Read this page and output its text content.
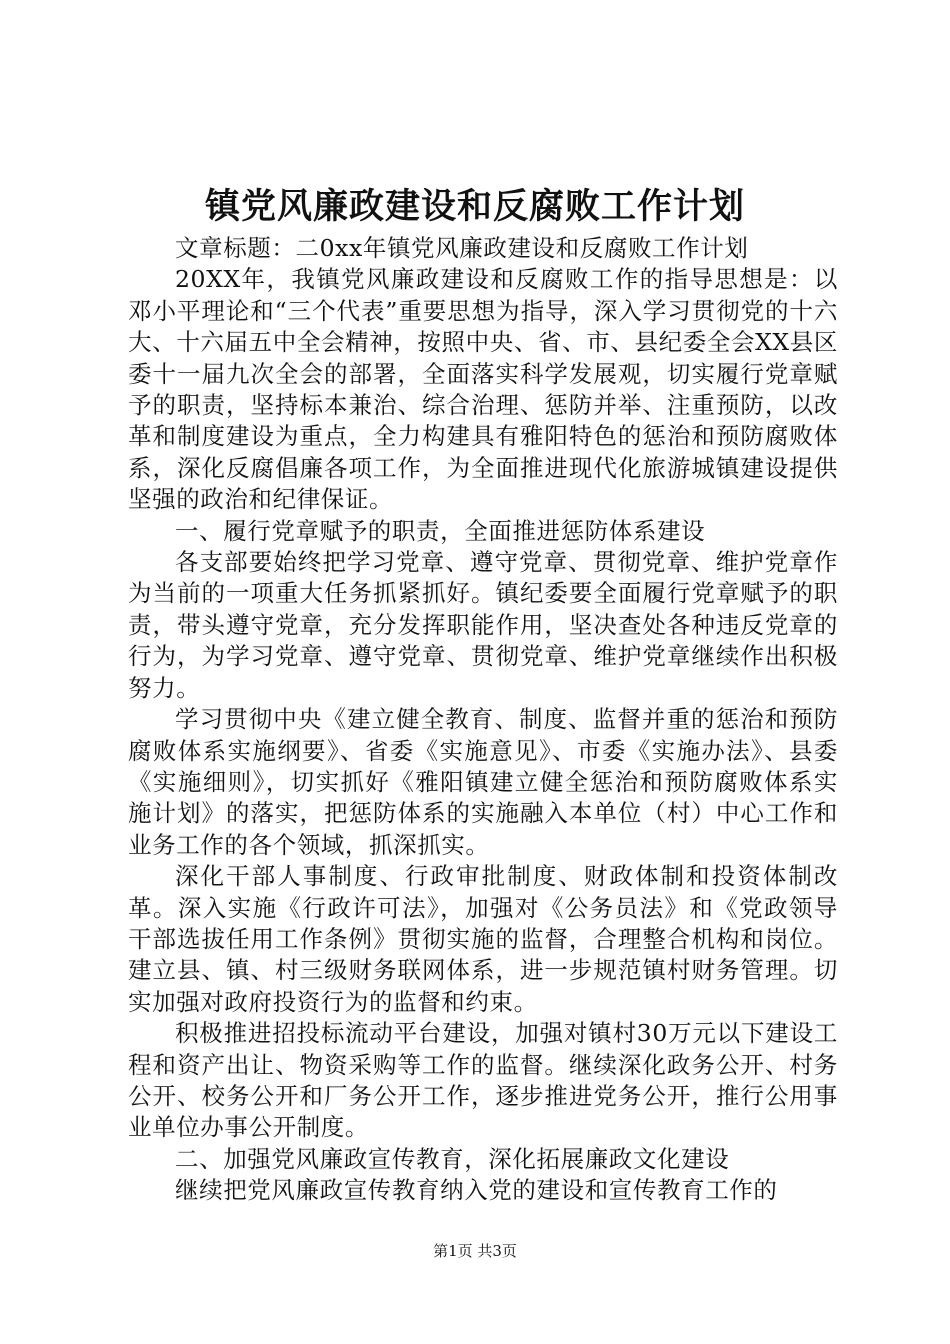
镇党风廉政建设和反腐败工作计划

文章标题：二0xx年镇党风廉政建设和反腐败工作计划

20XX年，我镇党风廉政建设和反腐败工作的指导思想是：以邓小平理论和“三个代表”重要思想为指导，深入学习贯彻党的十六大、十六届五中全会精神，按照中央、省、市、县纪委全会XX县区委十一届九次全会的部署，全面落实科学发展观，切实履行党章赋予的职责，坚持标本兼治、综合治理、惩防并举、注重预防，以改革和制度建设为重点，全力构建具有雅阳特色的惩治和预防腐败体系，深化反腐倡廉各项工作，为全面推进现代化旅游城镇建设提供坚强的政治和纪律保证。

一、履行党章赋予的职责，全面推进惩防体系建设

各支部要始终把学习党章、遵守党章、贯彻党章、维护党章作为当前的一项重大任务抓紧抓好。镇纪委要全面履行党章赋予的职责，带头遵守党章，充分发挥职能作用，坚决查处各种违反党章的行为，为学习党章、遵守党章、贯彻党章、维护党章继续作出积极努力。

学习贯彻中央《建立健全教育、制度、监督并重的惩治和预防腐败体系实施纲要》、省委《实施意见》、市委《实施办法》、县委《实施细则》，切实抓好《雅阳镇建立健全惩治和预防腐败体系实施计划》的落实，把惩防体系的实施融入本单位（村）中心工作和业务工作的各个领域，抓深抓实。

深化干部人事制度、行政审批制度、财政体制和投资体制改革。深入实施《行政许可法》，加强对《公务员法》和《党政领导干部选拔任用工作条例》贯彻实施的监督，合理整合机构和岗位。建立县、镇、村三级财务联网体系，进一步规范镇村财务管理。切实加强对政府投资行为的监督和约束。

积极推进招投标流动平台建设，加强对镇村30万元以下建设工程和资产出让、物资采购等工作的监督。继续深化政务公开、村务公开、校务公开和厂务公开工作，逐步推进党务公开，推行公用事业单位办事公开制度。

二、加强党风廉政宣传教育，深化拓展廉政文化建设

继续把党风廉政宣传教育纳入党的建设和宣传教育工作的

第1页 共3页
